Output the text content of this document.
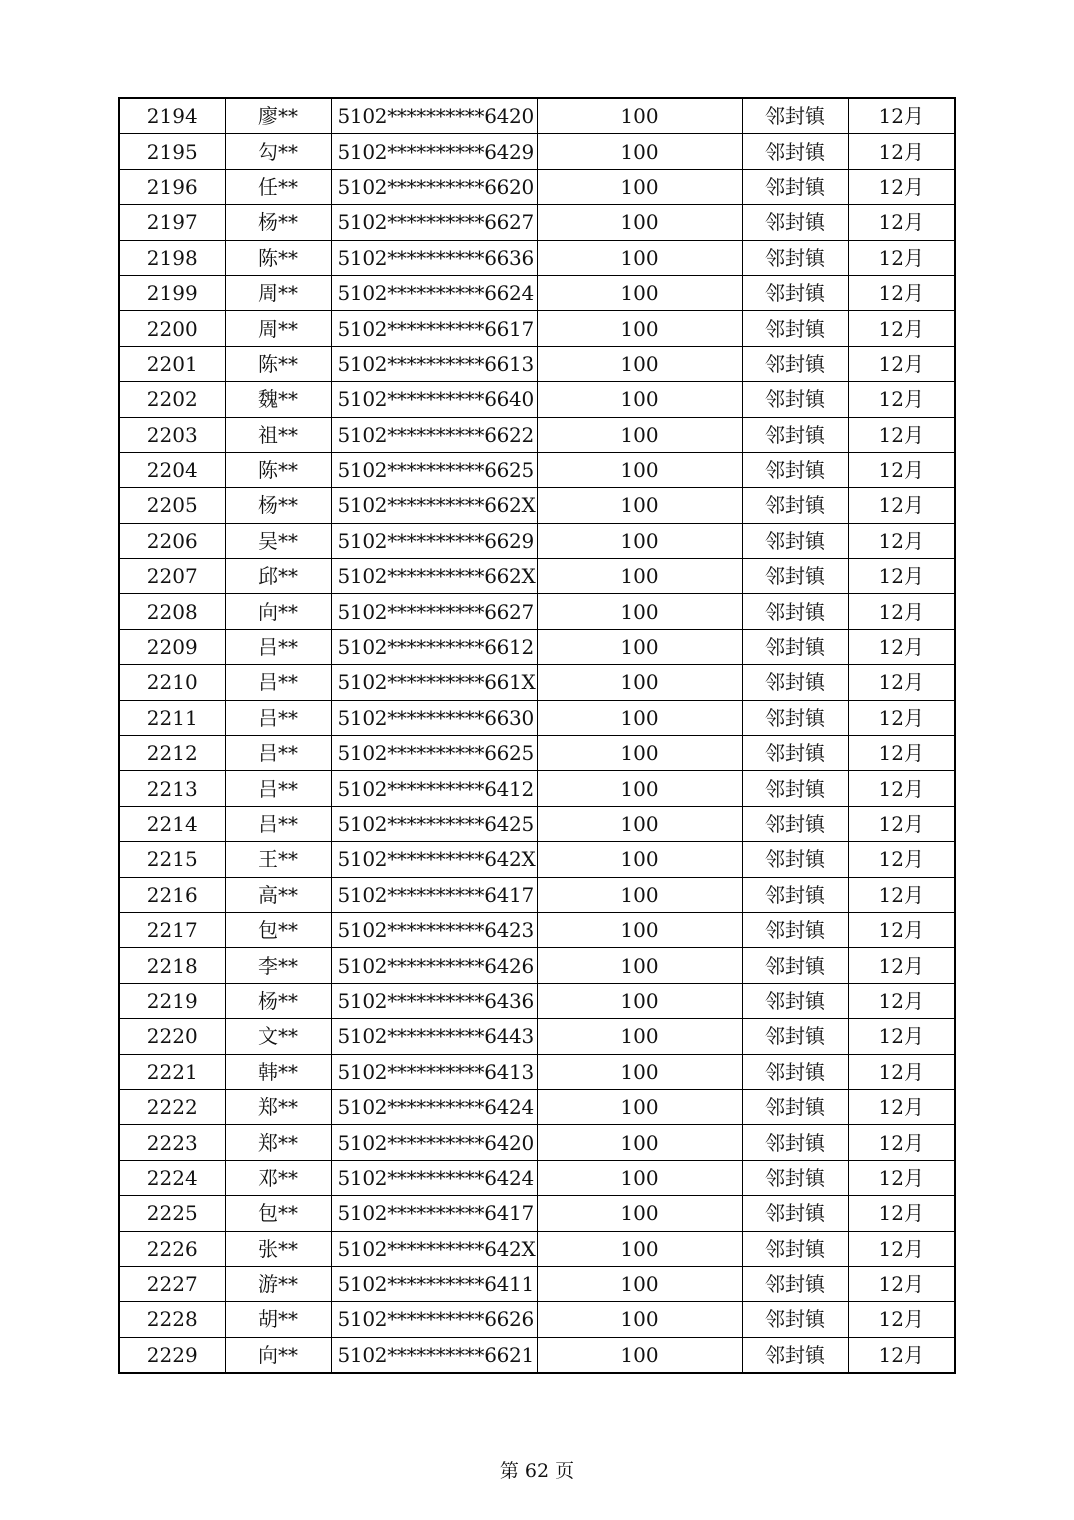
2194	廖**	5102**********6420	100	邻封镇	12月
2195	勾**	5102**********6429	100	邻封镇	12月
2196	任**	5102**********6620	100	邻封镇	12月
2197	杨**	5102**********6627	100	邻封镇	12月
2198	陈**	5102**********6636	100	邻封镇	12月
2199	周**	5102**********6624	100	邻封镇	12月
2200	周**	5102**********6617	100	邻封镇	12月
2201	陈**	5102**********6613	100	邻封镇	12月
2202	魏**	5102**********6640	100	邻封镇	12月
2203	祖**	5102**********6622	100	邻封镇	12月
2204	陈**	5102**********6625	100	邻封镇	12月
2205	杨**	5102**********662X	100	邻封镇	12月
2206	吴**	5102**********6629	100	邻封镇	12月
2207	邱**	5102**********662X	100	邻封镇	12月
2208	向**	5102**********6627	100	邻封镇	12月
2209	吕**	5102**********6612	100	邻封镇	12月
2210	吕**	5102**********661X	100	邻封镇	12月
2211	吕**	5102**********6630	100	邻封镇	12月
2212	吕**	5102**********6625	100	邻封镇	12月
2213	吕**	5102**********6412	100	邻封镇	12月
2214	吕**	5102**********6425	100	邻封镇	12月
2215	王**	5102**********642X	100	邻封镇	12月
2216	高**	5102**********6417	100	邻封镇	12月
2217	包**	5102**********6423	100	邻封镇	12月
2218	李**	5102**********6426	100	邻封镇	12月
2219	杨**	5102**********6436	100	邻封镇	12月
2220	文**	5102**********6443	100	邻封镇	12月
2221	韩**	5102**********6413	100	邻封镇	12月
2222	郑**	5102**********6424	100	邻封镇	12月
2223	郑**	5102**********6420	100	邻封镇	12月
2224	邓**	5102**********6424	100	邻封镇	12月
2225	包**	5102**********6417	100	邻封镇	12月
2226	张**	5102**********642X	100	邻封镇	12月
2227	游**	5102**********6411	100	邻封镇	12月
2228	胡**	5102**********6626	100	邻封镇	12月
2229	向**	5102**********6621	100	邻封镇	12月
第 62 页
